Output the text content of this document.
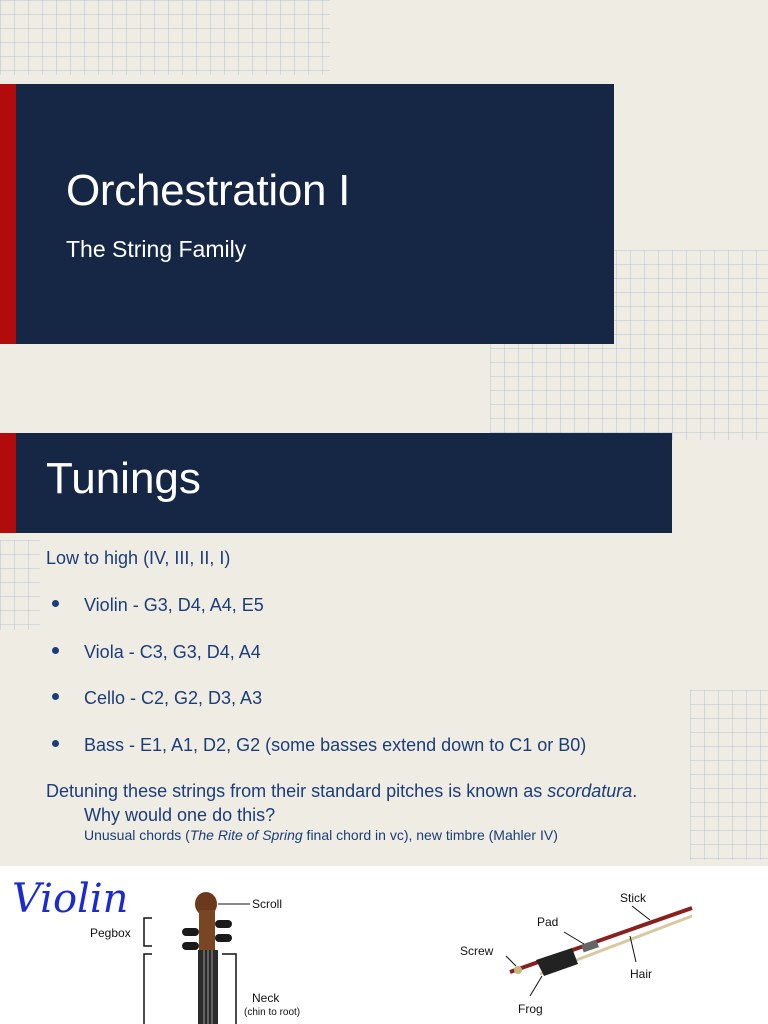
Orchestration I

The String Family

Tunings

Low to high (IV, III, II, I)

Violin - G3, D4, A4, E5
Viola - C3, G3, D4, A4
Cello - C2, G2, D3, A3
Bass - E1, A1, D2, G2 (some basses extend down to C1 or B0)

Detuning these strings from their standard pitches is known as scordatura.

Why would one do this?

Unusual chords (The Rite of Spring final chord in vc), new timbre (Mahler IV)

Violin	Scroll

Pegbox

Neck

(chin to root)

Stick

Pad

Screw

Hair

Frog
